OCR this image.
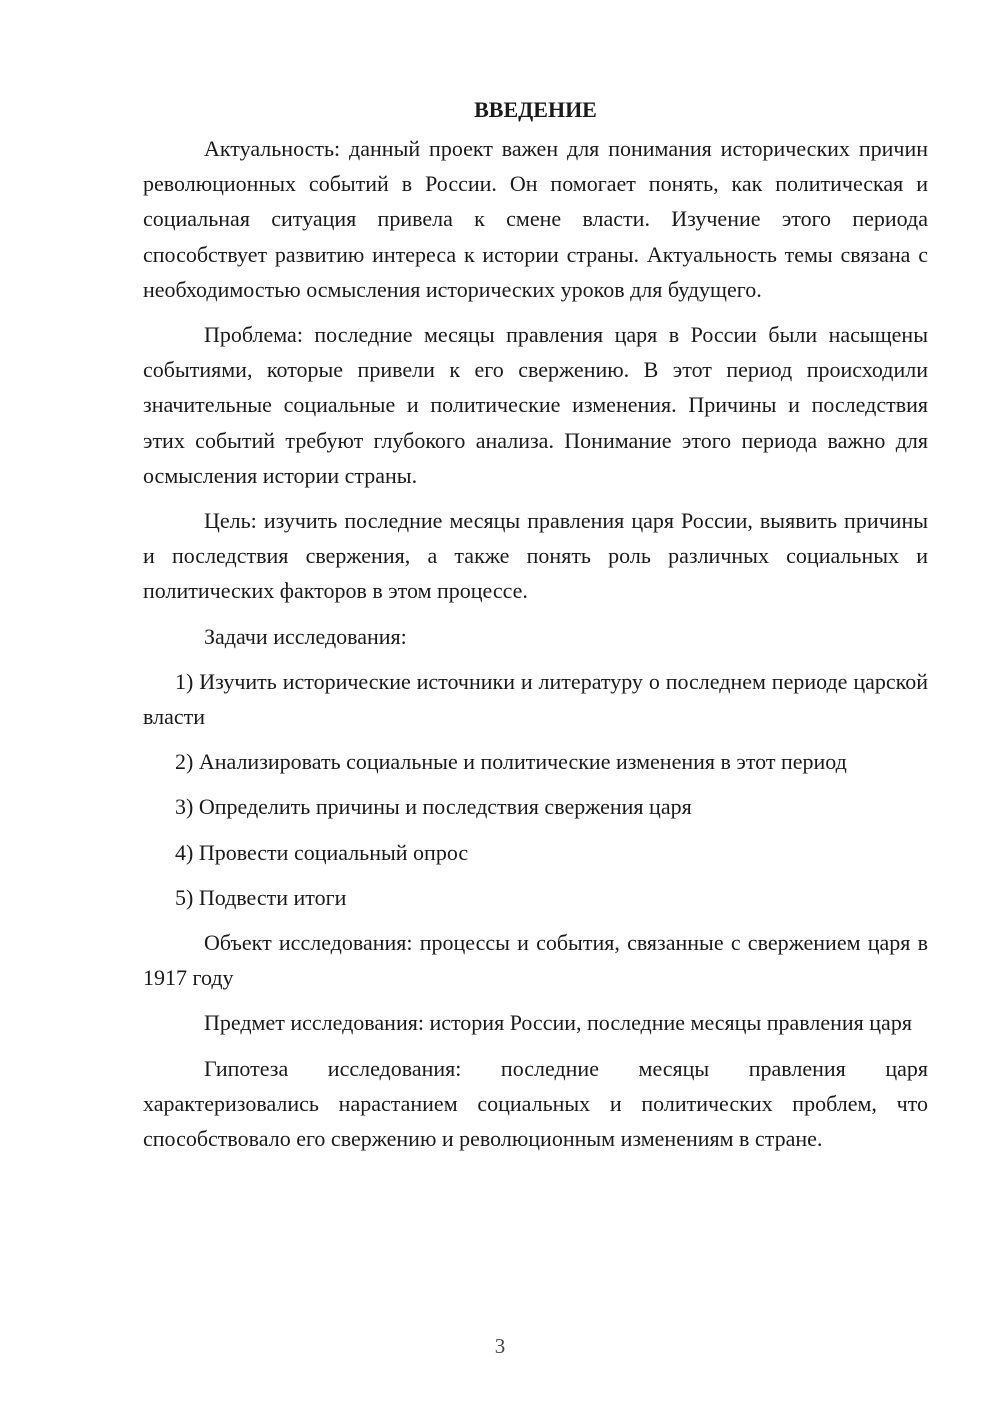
ВВЕДЕНИЕ

Актуальность: данный проект важен для понимания исторических причин революционных событий в России. Он помогает понять, как политическая и социальная ситуация привела к смене власти. Изучение этого периода способствует развитию интереса к истории страны. Актуальность темы связана с необходимостью осмысления исторических уроков для будущего.

Проблема: последние месяцы правления царя в России были насыщены событиями, которые привели к его свержению. В этот период происходили значительные социальные и политические изменения. Причины и последствия этих событий требуют глубокого анализа. Понимание этого периода важно для осмысления истории страны.

Цель: изучить последние месяцы правления царя России, выявить причины и последствия свержения, а также понять роль различных социальных и политических факторов в этом процессе.

Задачи исследования:

1) Изучить исторические источники и литературу о последнем периоде царской власти

2) Анализировать социальные и политические изменения в этот период

3) Определить причины и последствия свержения царя

4) Провести социальный опрос

5) Подвести итоги

Объект исследования: процессы и события, связанные с свержением царя в 1917 году

Предмет исследования: история России, последние месяцы правления царя

Гипотеза исследования: последние месяцы правления царя характеризовались нарастанием социальных и политических проблем, что способствовало его свержению и революционным изменениям в стране.

3
